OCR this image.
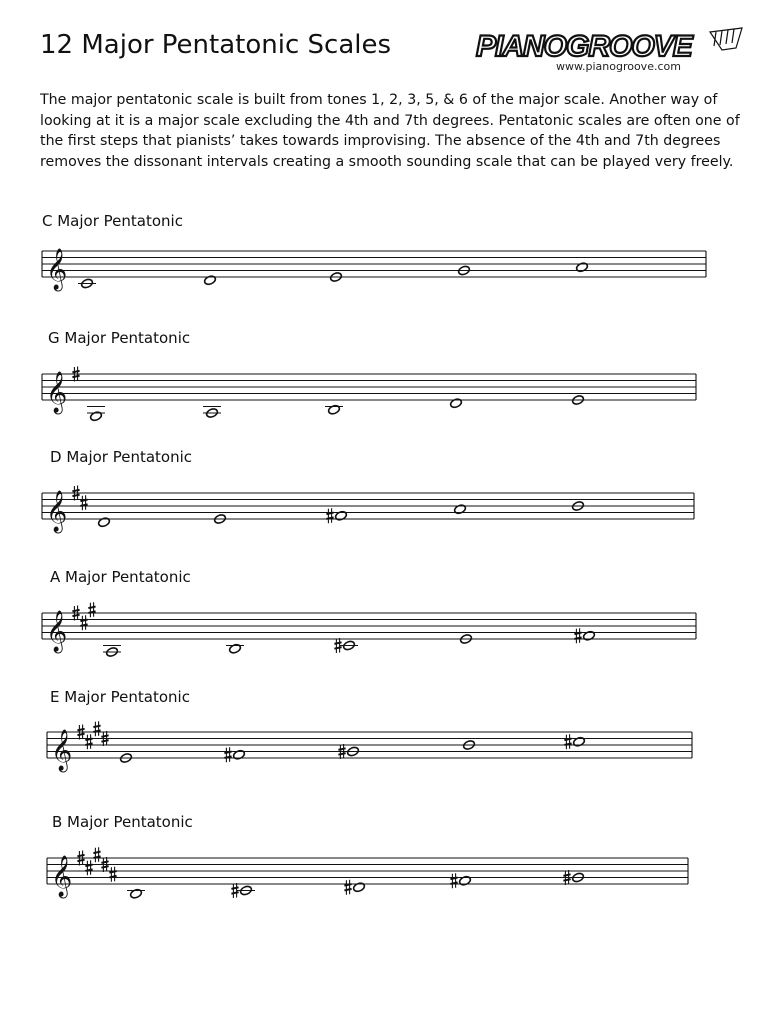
12 Major Pentatonic Scales	PIANOGROOVE
www.pianogroove.com

The major pentatonic scale is built from tones 1, 2, 3, 5, & 6 of the major scale. Another way of looking at it is a major scale excluding the 4th and 7th degrees. Pentatonic scales are often one of the first steps that pianists’ takes towards improvising. The absence of the 4th and 7th degrees removes the dissonant intervals creating a smooth sounding scale that can be played very freely.

C Major Pentatonic
𝄞
G Major Pentatonic
𝄞
D Major Pentatonic
𝄞
A Major Pentatonic
𝄞
E Major Pentatonic
𝄞
B Major Pentatonic
𝄞
